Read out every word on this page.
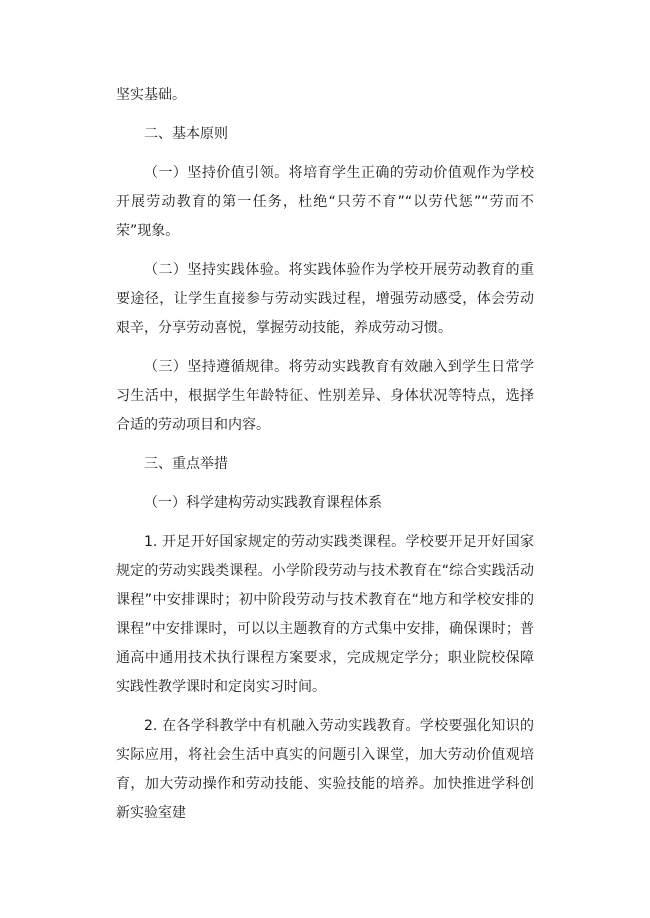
坚实基础。

二、基本原则

（一）坚持价值引领。将培育学生正确的劳动价值观作为学校开展劳动教育的第一任务，杜绝“只劳不育”“以劳代惩”“劳而不荣”现象。

（二）坚持实践体验。将实践体验作为学校开展劳动教育的重要途径，让学生直接参与劳动实践过程，增强劳动感受，体会劳动艰辛，分享劳动喜悦，掌握劳动技能，养成劳动习惯。

（三）坚持遵循规律。将劳动实践教育有效融入到学生日常学习生活中，根据学生年龄特征、性别差异、身体状况等特点，选择合适的劳动项目和内容。

三、重点举措

（一）科学建构劳动实践教育课程体系

1. 开足开好国家规定的劳动实践类课程。学校要开足开好国家规定的劳动实践类课程。小学阶段劳动与技术教育在“综合实践活动课程”中安排课时；初中阶段劳动与技术教育在“地方和学校安排的课程”中安排课时，可以以主题教育的方式集中安排，确保课时；普通高中通用技术执行课程方案要求，完成规定学分；职业院校保障实践性教学课时和定岗实习时间。

2. 在各学科教学中有机融入劳动实践教育。学校要强化知识的实际应用，将社会生活中真实的问题引入课堂，加大劳动价值观培育，加大劳动操作和劳动技能、实验技能的培养。加快推进学科创新实验室建
